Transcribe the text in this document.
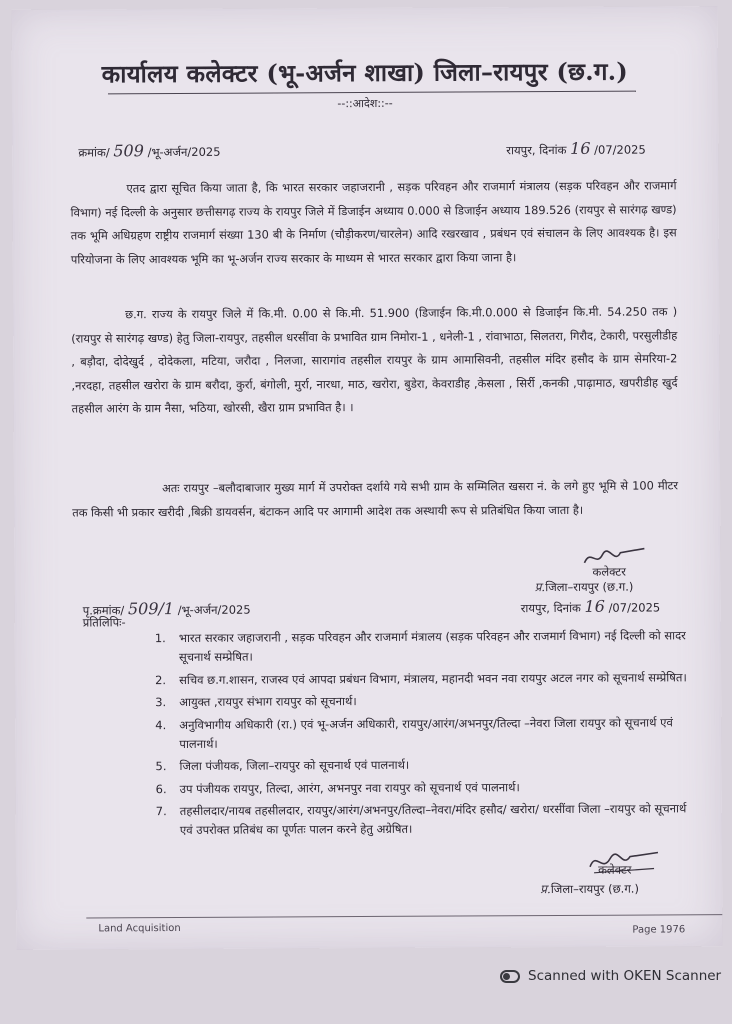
कार्यालय कलेक्टर (भू-अर्जन शाखा) जिला–रायपुर (छ.ग.)
--::आदेश::--
क्रमांक/ 509 /भू-अर्जन/2025	रायपुर, दिनांक 16 /07/2025

एतद द्वारा सूचित किया जाता है, कि भारत सरकार जहाजरानी , सड़क परिवहन और राजमार्ग मंत्रालय (सड़क परिवहन और राजमार्ग विभाग) नई दिल्ली के अनुसार छत्तीसगढ़ राज्य के रायपुर जिले में डिजाईन अध्याय 0.000 से डिजाईन अध्याय 189.526 (रायपुर से सारंगढ़ खण्ड) तक भूमि अधिग्रहण राष्ट्रीय राजमार्ग संख्या 130 बी के निर्माण (चौड़ीकरण/चारलेन) आदि रखरखाव , प्रबंधन एवं संचालन के लिए आवश्यक है। इस परियोजना के लिए आवश्यक भूमि का भू-अर्जन राज्य सरकार के माध्यम से भारत सरकार द्वारा किया जाना है।

छ.ग. राज्य के रायपुर जिले में कि.मी. 0.00 से कि.मी. 51.900 (डिजाईन कि.मी.0.000 से डिजाईन कि.मी. 54.250 तक ) (रायपुर से सारंगढ़ खण्ड) हेतु जिला-रायपुर, तहसील धरसींवा के प्रभावित ग्राम निमोरा-1 , धनेली-1 , रांवाभाठा, सिलतरा, गिरौद, टेकारी, परसुलीडीह , बड़ौदा, दोदेखुर्द , दोदेकला, मटिया, जरौदा , निलजा, सारागांव तहसील रायपुर के ग्राम आमासिवनी, तहसील मंदिर हसौद के ग्राम सेमरिया-2 ,नरदहा, तहसील खरोरा के ग्राम बरौदा, कुर्रा, बंगोली, मुर्रा, नारधा, माठ, खरोरा, बुडेरा, केवराडीह ,केसला , सिर्री ,कनकी ,पाढ़ामाठ, खपरीडीह खुर्द तहसील आरंग के ग्राम नैसा, भठिया, खोरसी, खैरा ग्राम प्रभावित है। ।

अतः रायपुर –बलौदाबाजार मुख्य मार्ग में उपरोक्त दर्शाये गये सभी ग्राम के सम्मिलित खसरा नं. के लगे हुए भूमि से 100 मीटर तक किसी भी प्रकार खरीदी ,बिक्री डायवर्सन, बंटाकन आदि पर आगामी आदेश तक अस्थायी रूप से प्रतिबंधित किया जाता है।

कलेक्टर
प्र.जिला–रायपुर (छ.ग.)
पृ.क्रमांक/ 509/1 /भू-अर्जन/2025	रायपुर, दिनांक 16 /07/2025
प्रतिलिपिः-
1. भारत सरकार जहाजरानी , सड़क परिवहन और राजमार्ग मंत्रालय (सड़क परिवहन और राजमार्ग विभाग) नई दिल्ली को सादर सूचनार्थ सम्प्रेषित।
2. सचिव छ.ग.शासन, राजस्व एवं आपदा प्रबंधन विभाग, मंत्रालय, महानदी भवन नवा रायपुर अटल नगर को सूचनार्थ सम्प्रेषित।
3. आयुक्त ,रायपुर संभाग रायपुर को सूचनार्थ।
4. अनुविभागीय अधिकारी (रा.) एवं भू-अर्जन अधिकारी, रायपुर/आरंग/अभनपुर/तिल्दा –नेवरा जिला रायपुर को सूचनार्थ एवं पालनार्थ।
5. जिला पंजीयक, जिला–रायपुर को सूचनार्थ एवं पालनार्थ।
6. उप पंजीयक रायपुर, तिल्दा, आरंग, अभनपुर नवा रायपुर को सूचनार्थ एवं पालनार्थ।
7. तहसीलदार/नायब तहसीलदार, रायपुर/आरंग/अभनपुर/तिल्दा–नेवरा/मंदिर हसौद/ खरोरा/ धरसींवा जिला –रायपुर को सूचनार्थ एवं उपरोक्त प्रतिबंध का पूर्णतः पालन करने हेतु अग्रेषित।
कलेक्टर
प्र.जिला–रायपुर (छ.ग.)
Land Acquisition	Page 1976
Scanned with OKEN Scanner
